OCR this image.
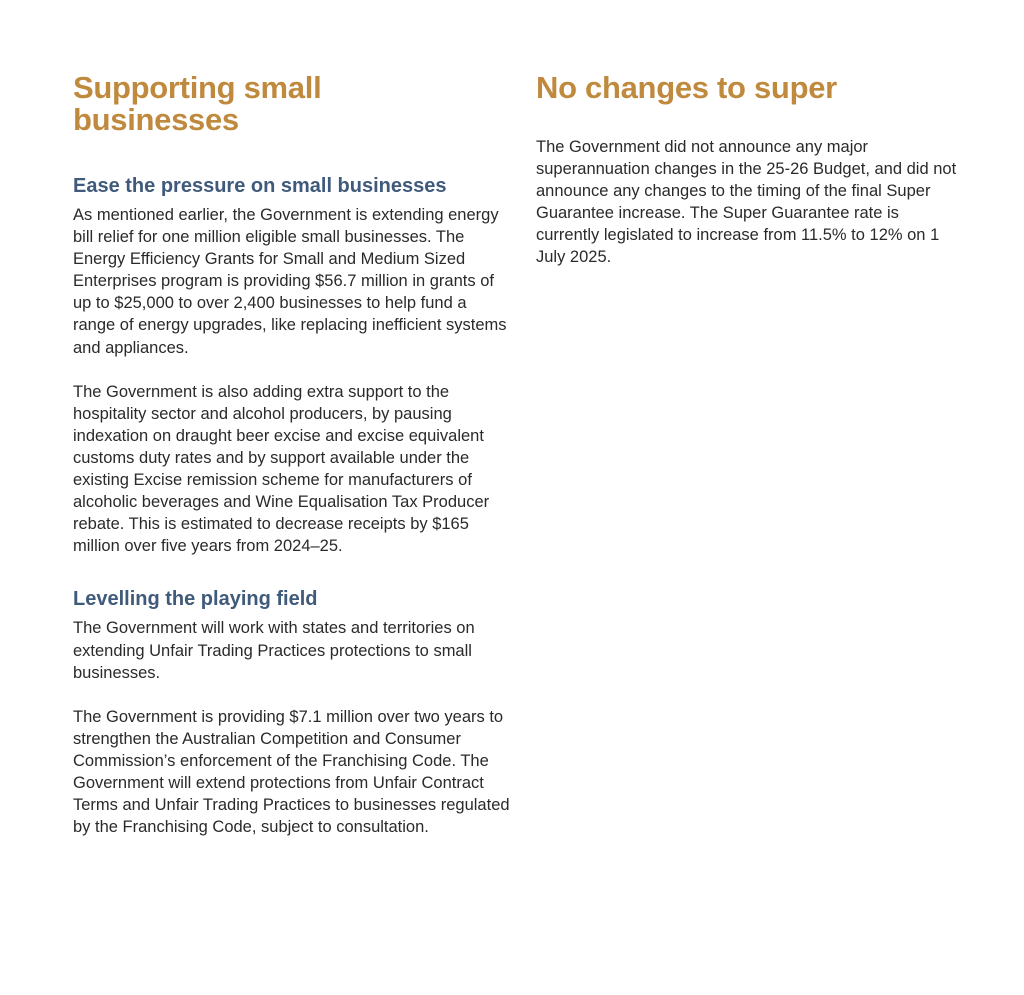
Supporting small businesses
Ease the pressure on small businesses

As mentioned earlier, the Government is extending energy bill relief for one million eligible small businesses. The Energy Efficiency Grants for Small and Medium Sized Enterprises program is providing $56.7 million in grants of up to $25,000 to over 2,400 businesses to help fund a range of energy upgrades, like replacing inefficient systems and appliances.

The Government is also adding extra support to the hospitality sector and alcohol producers, by pausing indexation on draught beer excise and excise equivalent customs duty rates and by support available under the existing Excise remission scheme for manufacturers of alcoholic beverages and Wine Equalisation Tax Producer rebate. This is estimated to decrease receipts by $165 million over five years from 2024–25.

Levelling the playing field

The Government will work with states and territories on extending Unfair Trading Practices protections to small businesses.

The Government is providing $7.1 million over two years to strengthen the Australian Competition and Consumer Commission’s enforcement of the Franchising Code. The Government will extend protections from Unfair Contract Terms and Unfair Trading Practices to businesses regulated by the Franchising Code, subject to consultation.

No changes to super

The Government did not announce any major superannuation changes in the 25-26 Budget, and did not announce any changes to the timing of the final Super Guarantee increase. The Super Guarantee rate is currently legislated to increase from 11.5% to 12% on 1 July 2025.
